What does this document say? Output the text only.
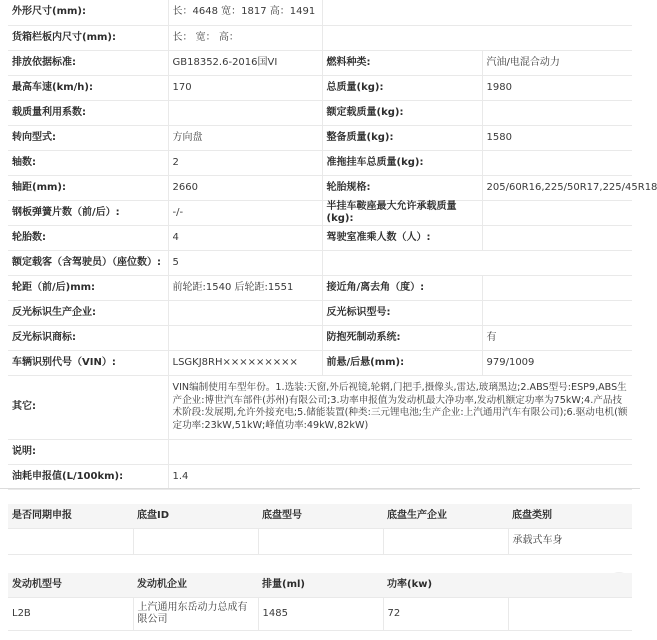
外形尺寸(mm):	长：4648 宽：1817 高：1491		
货箱栏板内尺寸(mm):	长： 宽： 高：		
排放依据标准:	GB18352.6-2016国VI	燃料种类:	汽油/电混合动力
最高车速(km/h):	170	总质量(kg):	1980
载质量利用系数:		额定载质量(kg):	
转向型式:	方向盘	整备质量(kg):	1580
轴数:	2	准拖挂车总质量(kg):	
轴距(mm):	2660	轮胎规格:	205/60R16,225/50R17,225/45R18
钢板弹簧片数（前/后）:	-/-	半挂车鞍座最大允许承载质量(kg):	
轮胎数:	4	驾驶室准乘人数（人）:	
额定载客（含驾驶员）（座位数）:	5		
轮距（前/后)mm:	前轮距:1540 后轮距:1551	接近角/离去角（度）:	
反光标识生产企业:		反光标识型号:	
反光标识商标:		防抱死制动系统:	有
车辆识别代号（VIN）:	LSGKJ8RH×××××××××	前悬/后悬(mm):	979/1009
其它:	VIN编制使用车型年份。1.选装:天窗,外后视镜,轮辋,门把手,摄像头,雷达,玻璃黑边;2.ABS型号:ESP9,ABS生产企业:博世汽车部件(苏州)有限公司;3.功率申报值为发动机最大净功率,发动机额定功率为75kW;4.产品技术阶段:发展期,允许外接充电;5.储能装置(种类:三元锂电池;生产企业:上汽通用汽车有限公司);6.驱动电机(额定功率:23kW,51kW;峰值功率:49kW,82kW)		
说明:			
油耗申报值(L/100km):	1.4		
是否同期申报	底盘ID	底盘型号	底盘生产企业	底盘类别
				承载式车身
发动机型号	发动机企业	排量(ml)	功率(kw)	
L2B	上汽通用东岳动力总成有限公司	1485	72	
